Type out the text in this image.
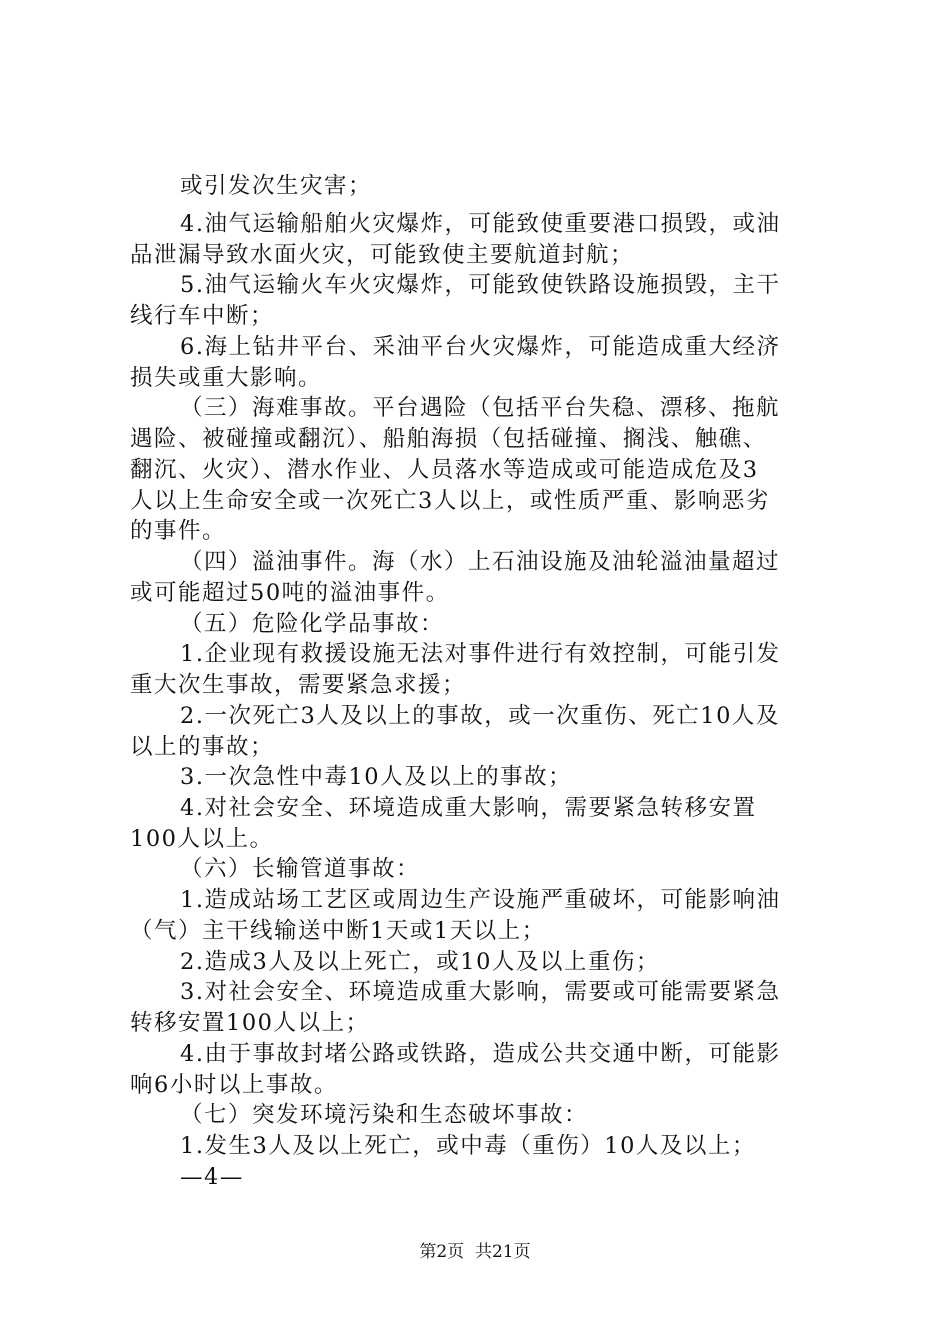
或引发次生灾害；
4.油气运输船舶火灾爆炸，可能致使重要港口损毁，或油
品泄漏导致水面火灾，可能致使主要航道封航；
5.油气运输火车火灾爆炸，可能致使铁路设施损毁，主干
线行车中断；
6.海上钻井平台、采油平台火灾爆炸，可能造成重大经济
损失或重大影响。
（三）海难事故。平台遇险（包括平台失稳、漂移、拖航
遇险、被碰撞或翻沉）、船舶海损（包括碰撞、搁浅、触礁、
翻沉、火灾）、潜水作业、人员落水等造成或可能造成危及3
人以上生命安全或一次死亡3人以上，或性质严重、影响恶劣
的事件。
（四）溢油事件。海（水）上石油设施及油轮溢油量超过
或可能超过50吨的溢油事件。
（五）危险化学品事故：
1.企业现有救援设施无法对事件进行有效控制，可能引发
重大次生事故，需要紧急求援；
2.一次死亡3人及以上的事故，或一次重伤、死亡10人及
以上的事故；
3.一次急性中毒10人及以上的事故；
4.对社会安全、环境造成重大影响，需要紧急转移安置
100人以上。
（六）长输管道事故：
1.造成站场工艺区或周边生产设施严重破坏，可能影响油
（气）主干线输送中断1天或1天以上；
2.造成3人及以上死亡，或10人及以上重伤；
3.对社会安全、环境造成重大影响，需要或可能需要紧急
转移安置100人以上；
4.由于事故封堵公路或铁路，造成公共交通中断，可能影
响6小时以上事故。
（七）突发环境污染和生态破坏事故：
1.发生3人及以上死亡，或中毒（重伤）10人及以上；
—4—
第2页  共21页
